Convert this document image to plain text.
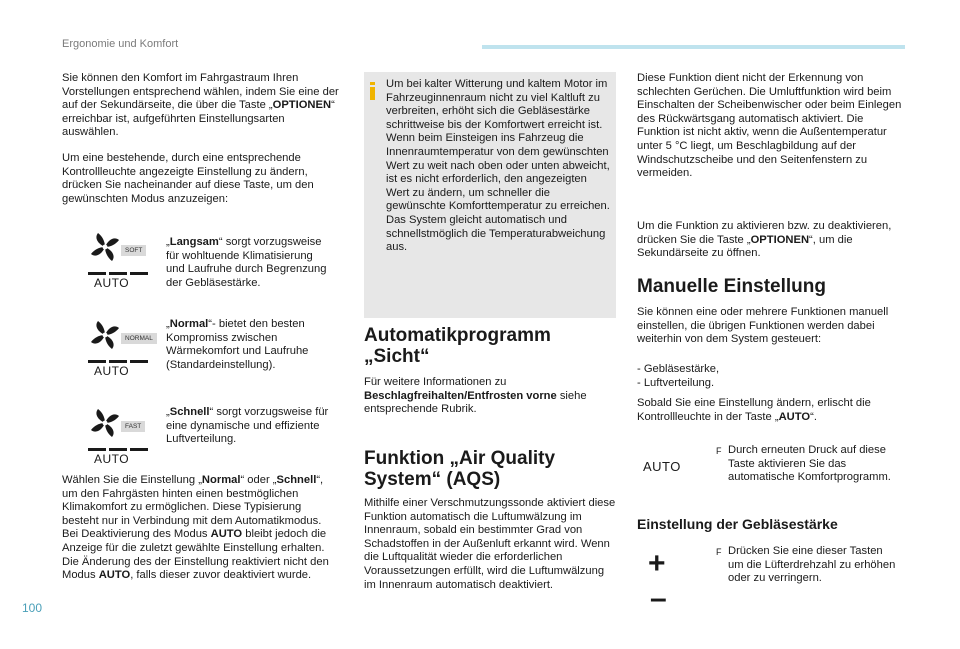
Ergonomie und Komfort
Sie können den Komfort im Fahrgastraum Ihren Vorstellungen entsprechend wählen, indem Sie eine der auf der Sekundärseite, die über die Taste „OPTIONEN“ erreichbar ist, aufgeführten Einstellungsarten auswählen.
Um eine bestehende, durch eine entsprechende Kontrollleuchte angezeigte Einstellung zu ändern, drücken Sie nacheinander auf diese Taste, um den gewünschten Modus anzuzeigen:
SOFT
AUTO
„Langsam“ sorgt vorzugsweise für wohltuende Klimatisierung und Laufruhe durch Begrenzung der Gebläsestärke.
NORMAL
AUTO
„Normal“- bietet den besten Kompromiss zwischen Wärmekomfort und Laufruhe (Standardeinstellung).
FAST
AUTO
„Schnell“ sorgt vorzugsweise für eine dynamische und effiziente Luftverteilung.
Wählen Sie die Einstellung „Normal“ oder „Schnell“, um den Fahrgästen hinten einen bestmöglichen Klimakomfort zu ermöglichen. Diese Typisierung besteht nur in Verbindung mit dem Automatikmodus. Bei Deaktivierung des Modus AUTO bleibt jedoch die Anzeige für die zuletzt gewählte Einstellung erhalten. Die Änderung des der Einstellung reaktiviert nicht den Modus AUTO, falls dieser zuvor deaktiviert wurde.
100
Um bei kalter Witterung und kaltem Motor im Fahrzeuginnenraum nicht zu viel Kaltluft zu verbreiten, erhöht sich die Gebläsestärke schrittweise bis der Komfortwert erreicht ist. Wenn beim Einsteigen ins Fahrzeug die Innenraumtemperatur von dem gewünschten Wert zu weit nach oben oder unten abweicht, ist es nicht erforderlich, den angezeigten Wert zu ändern, um schneller die gewünschte Komforttemperatur zu erreichen. Das System gleicht automatisch und schnellstmöglich die Temperaturabweichung aus.
Automatikprogramm
„Sicht“
Für weitere Informationen zu Beschlagfreihalten/Entfrosten vorne siehe entsprechende Rubrik.
Funktion „Air Quality
System“ (AQS)
Mithilfe einer Verschmutzungssonde aktiviert diese Funktion automatisch die Luftumwälzung im Innenraum, sobald ein bestimmter Grad von Schadstoffen in der Außenluft erkannt wird. Wenn die Luftqualität wieder die erforderlichen Voraussetzungen erfüllt, wird die Luftumwälzung im Innenraum automatisch deaktiviert.
Diese Funktion dient nicht der Erkennung von schlechten Gerüchen. Die Umluftfunktion wird beim Einschalten der Scheibenwischer oder beim Einlegen des Rückwärtsgang automatisch aktiviert. Die Funktion ist nicht aktiv, wenn die Außentemperatur unter 5 °C liegt, um Beschlagbildung auf der Windschutzscheibe und den Seitenfenstern zu vermeiden.
Um die Funktion zu aktivieren bzw. zu deaktivieren, drücken Sie die Taste „OPTIONEN“, um die Sekundärseite zu öffnen.
Manuelle Einstellung
Sie können eine oder mehrere Funktionen manuell einstellen, die übrigen Funktionen werden dabei weiterhin von dem System gesteuert:
- Gebläsestärke,
- Luftverteilung.
Sobald Sie eine Einstellung ändern, erlischt die Kontrollleuchte in der Taste „AUTO“.
AUTO
F Durch erneuten Druck auf diese Taste aktivieren Sie das automatische Komfortprogramm.
Einstellung der Gebläsestärke
+
–
F Drücken Sie eine dieser Tasten um die Lüfterdrehzahl zu erhöhen oder zu verringern.
